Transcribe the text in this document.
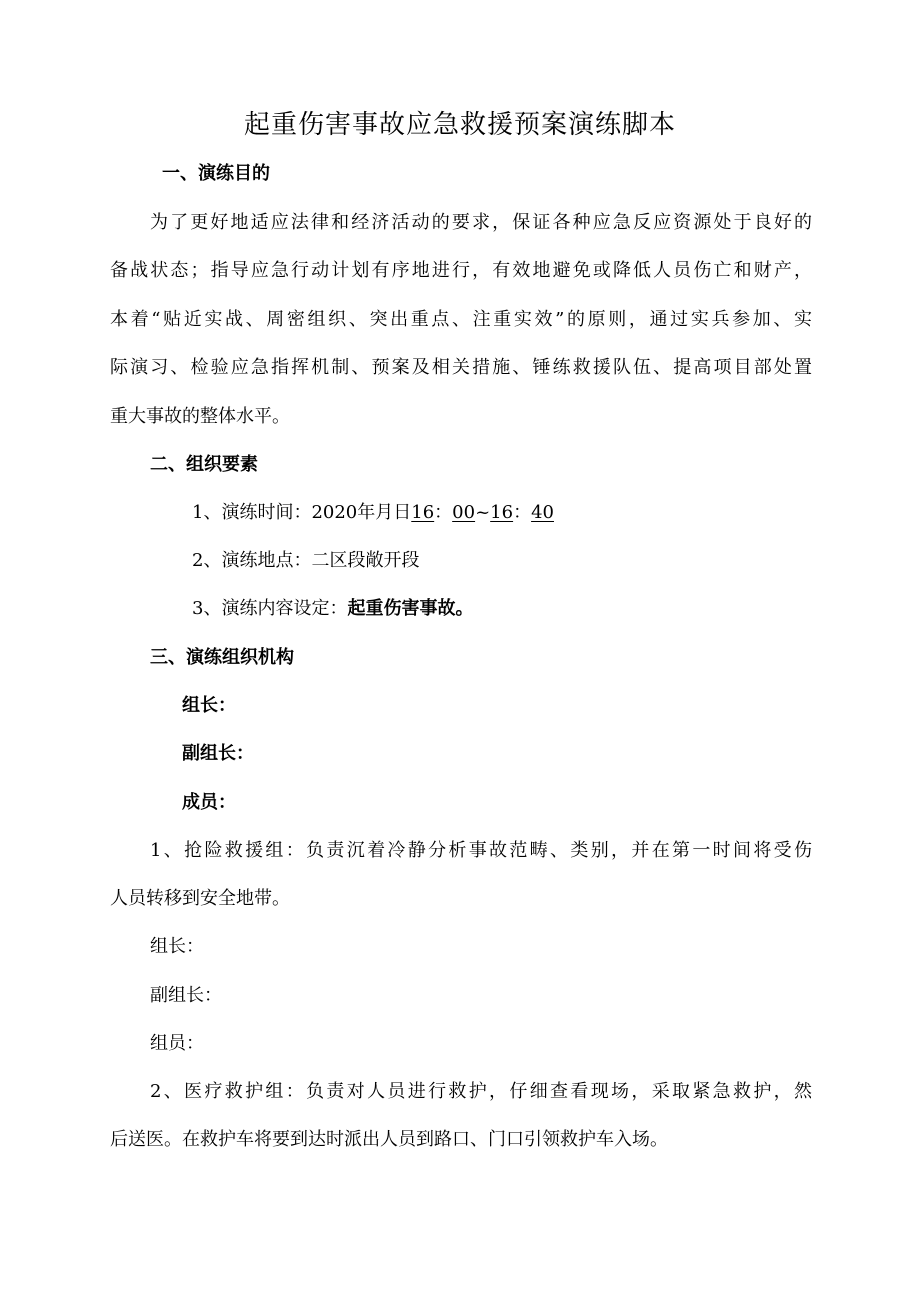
起重伤害事故应急救援预案演练脚本
一、演练目的
为了更好地适应法律和经济活动的要求，保证各种应急反应资源处于良好的
备战状态；指导应急行动计划有序地进行，有效地避免或降低人员伤亡和财产，
本着“贴近实战、周密组织、突出重点、注重实效”的原则，通过实兵参加、实
际演习、检验应急指挥机制、预案及相关措施、锤练救援队伍、提高项目部处置
重大事故的整体水平。
二、组织要素
1、演练时间：2020年月日16：00~16：40
2、演练地点：二区段敞开段
3、演练内容设定：起重伤害事故。
三、演练组织机构
组长：
副组长：
成员：
1、抢险救援组：负责沉着冷静分析事故范畴、类别，并在第一时间将受伤
人员转移到安全地带。
组长：
副组长：
组员：
2、医疗救护组：负责对人员进行救护，仔细查看现场，采取紧急救护，然
后送医。在救护车将要到达时派出人员到路口、门口引领救护车入场。
